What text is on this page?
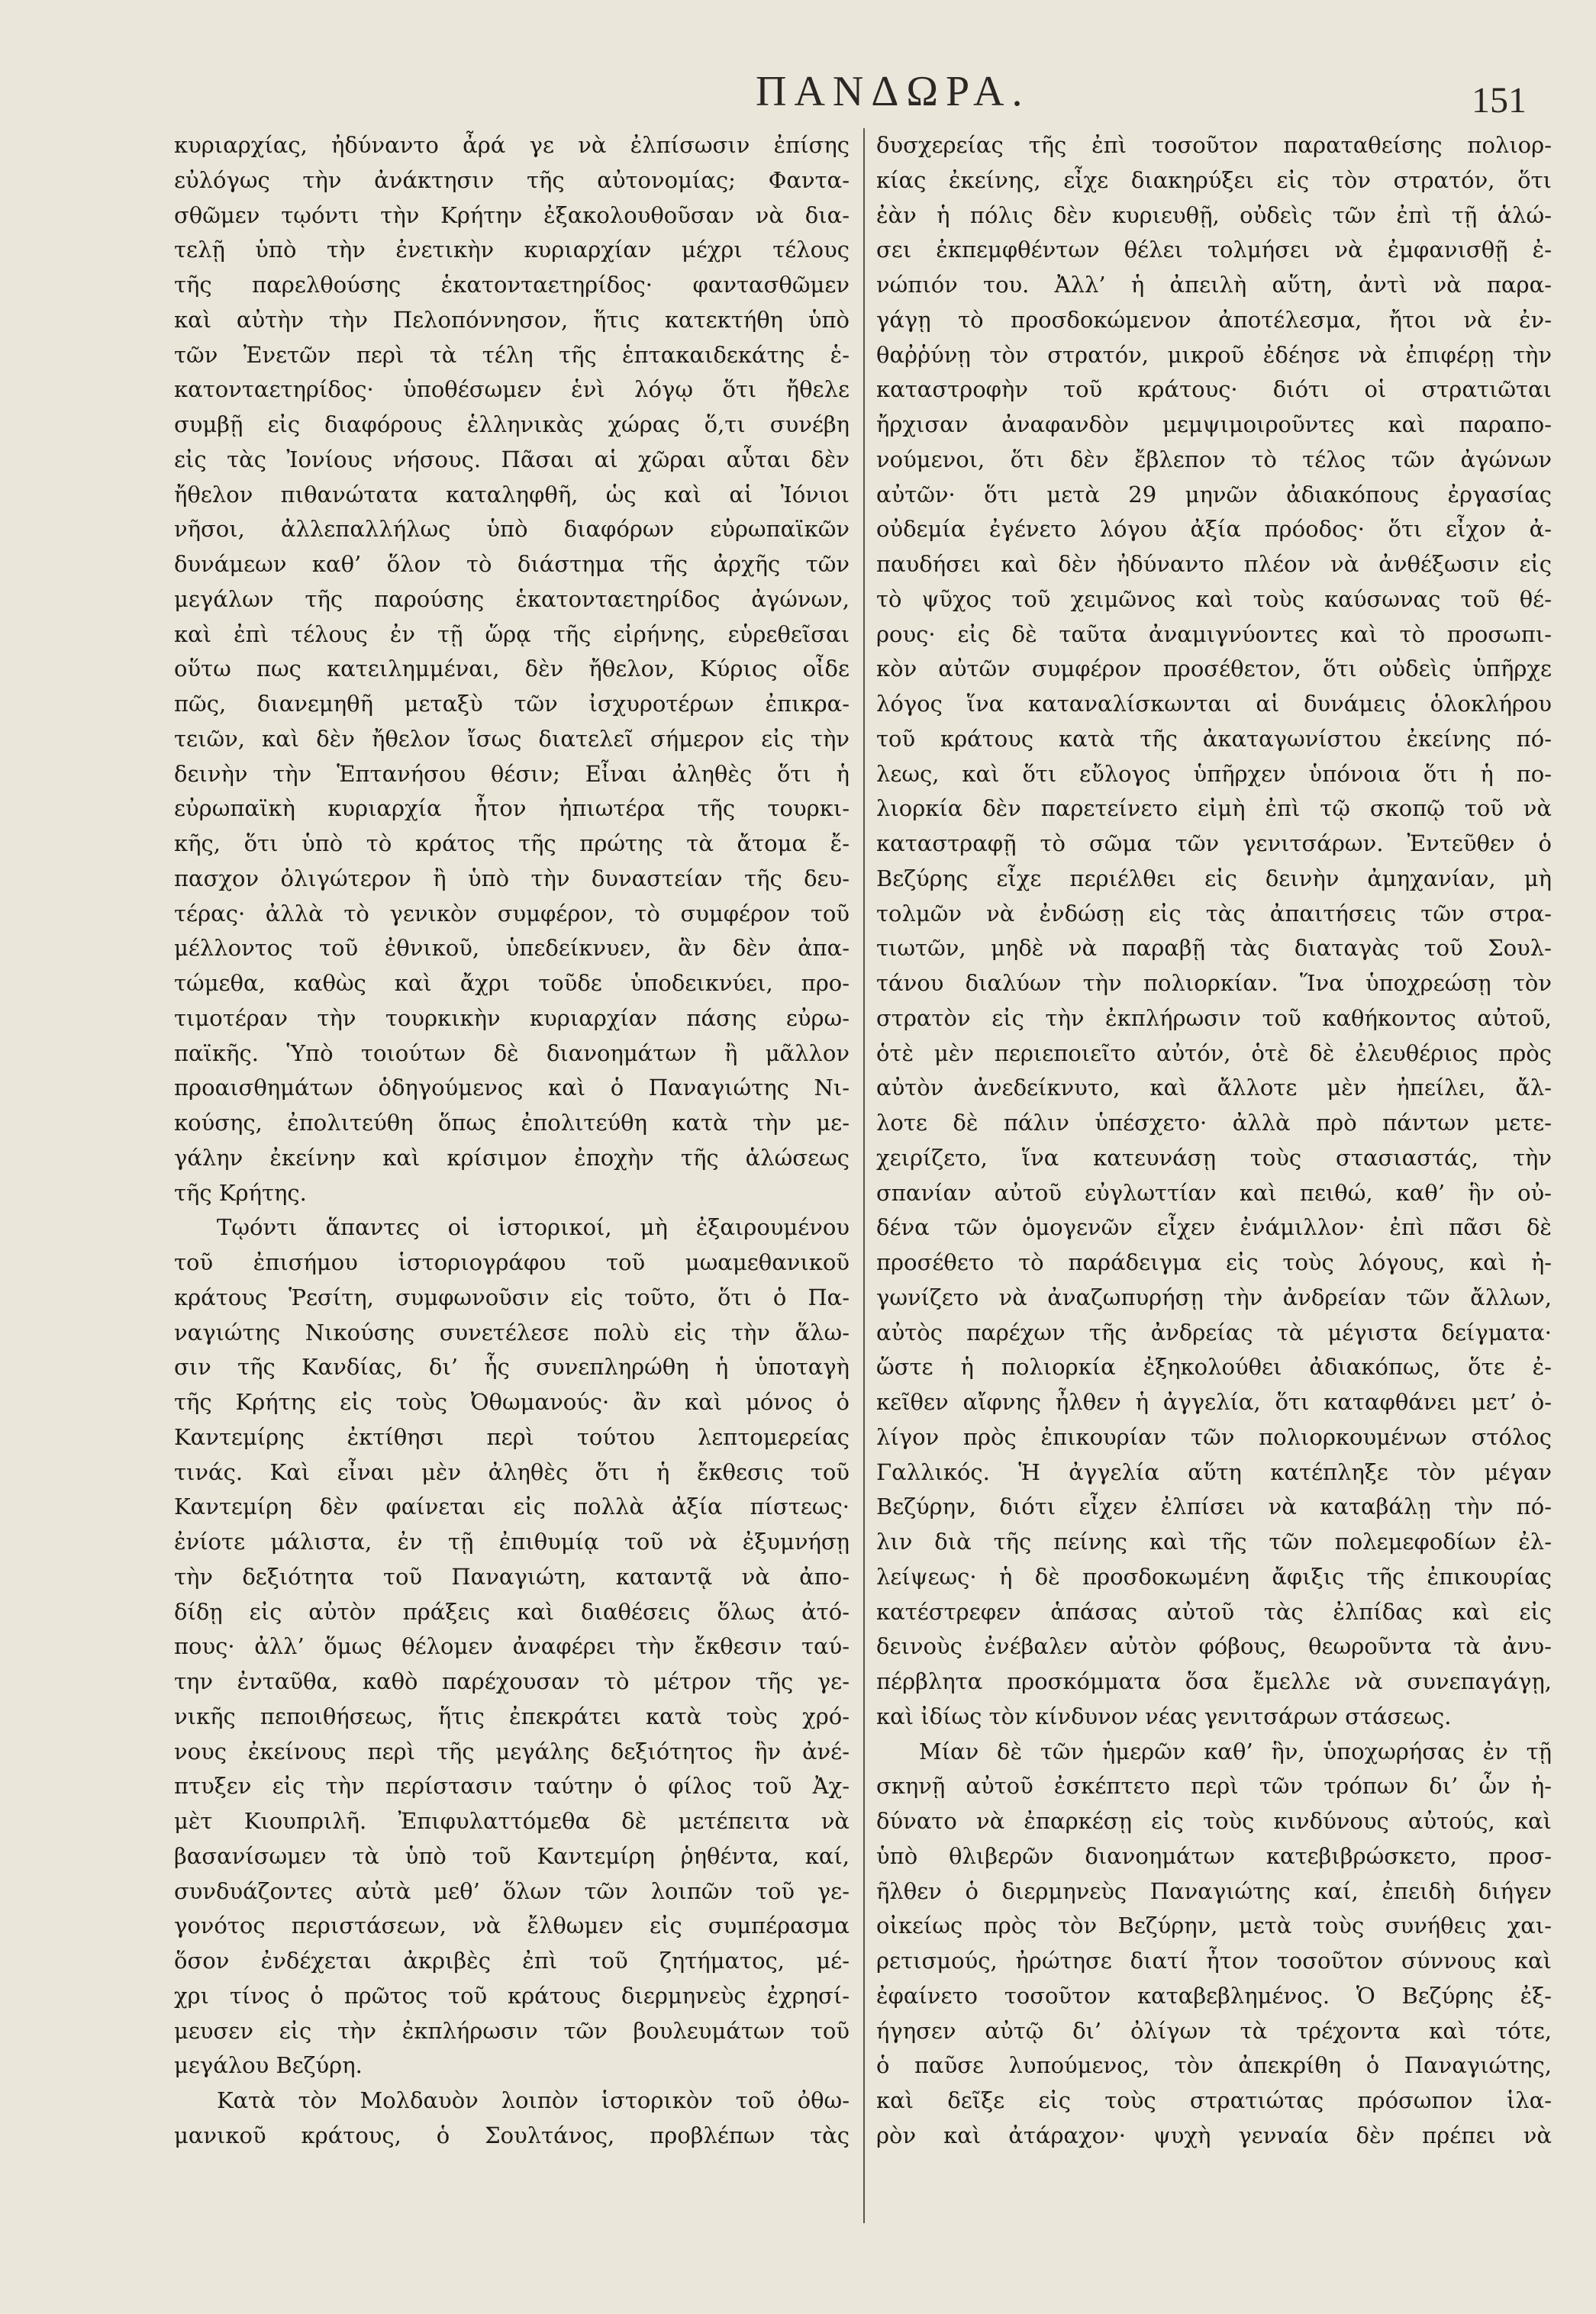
ΠΑΝΔΩΡΑ.	151
κυριαρχίας, ἠδύναντο ἆρά γε νὰ ἐλπίσωσιν ἐπίσης
εὐλόγως τὴν ἀνάκτησιν τῆς αὐτονομίας; Φαντα-
σθῶμεν τῳόντι τὴν Κρήτην ἐξακολουθοῦσαν νὰ δια-
τελῇ ὑπὸ τὴν ἐνετικὴν κυριαρχίαν μέχρι τέλους
τῆς παρελθούσης ἑκατονταετηρίδος· φαντασθῶμεν
καὶ αὐτὴν τὴν Πελοπόννησον, ἥτις κατεκτήθη ὑπὸ
τῶν Ἐνετῶν περὶ τὰ τέλη τῆς ἑπτακαιδεκάτης ἑ-
κατονταετηρίδος· ὑποθέσωμεν ἑνὶ λόγῳ ὅτι ἤθελε
συμβῇ εἰς διαφόρους ἑλληνικὰς χώρας ὅ,τι συνέβη
εἰς τὰς Ἰονίους νήσους. Πᾶσαι αἱ χῶραι αὗται δὲν
ἤθελον πιθανώτατα καταληφθῆ, ὡς καὶ αἱ Ἰόνιοι
νῆσοι, ἀλλεπαλλήλως ὑπὸ διαφόρων εὐρωπαϊκῶν
δυνάμεων καθ’ ὅλον τὸ διάστημα τῆς ἀρχῆς τῶν
μεγάλων τῆς παρούσης ἑκατονταετηρίδος ἀγώνων,
καὶ ἐπὶ τέλους ἐν τῇ ὥρᾳ τῆς εἰρήνης, εὑρεθεῖσαι
οὕτω πως κατειλημμέναι, δὲν ἤθελον, Κύριος οἶδε
πῶς, διανεμηθῆ μεταξὺ τῶν ἰσχυροτέρων ἐπικρα-
τειῶν, καὶ δὲν ἤθελον ἴσως διατελεῖ σήμερον εἰς τὴν
δεινὴν τὴν Ἑπτανήσου θέσιν; Εἶναι ἀληθὲς ὅτι ἡ
εὐρωπαϊκὴ κυριαρχία ἦτον ἠπιωτέρα τῆς τουρκι-
κῆς, ὅτι ὑπὸ τὸ κράτος τῆς πρώτης τὰ ἄτομα ἔ-
πασχον ὀλιγώτερον ἢ ὑπὸ τὴν δυναστείαν τῆς δευ-
τέρας· ἀλλὰ τὸ γενικὸν συμφέρον, τὸ συμφέρον τοῦ
μέλλοντος τοῦ ἐθνικοῦ, ὑπεδείκνυεν, ἂν δὲν ἀπα-
τώμεθα, καθὼς καὶ ἄχρι τοῦδε ὑποδεικνύει, προ-
τιμοτέραν τὴν τουρκικὴν κυριαρχίαν πάσης εὐρω-
παϊκῆς. Ὑπὸ τοιούτων δὲ διανοημάτων ἢ μᾶλλον
προαισθημάτων ὁδηγούμενος καὶ ὁ Παναγιώτης Νι-
κούσης, ἐπολιτεύθη ὅπως ἐπολιτεύθη κατὰ τὴν με-
γάλην ἐκείνην καὶ κρίσιμον ἐποχὴν τῆς ἁλώσεως
τῆς Κρήτης.
Τῳόντι ἅπαντες οἱ ἱστορικοί, μὴ ἐξαιρουμένου
τοῦ ἐπισήμου ἱστοριογράφου τοῦ μωαμεθανικοῦ
κράτους Ῥεσίτη, συμφωνοῦσιν εἰς τοῦτο, ὅτι ὁ Πα-
ναγιώτης Νικούσης συνετέλεσε πολὺ εἰς τὴν ἅλω-
σιν τῆς Κανδίας, δι’ ἧς συνεπληρώθη ἡ ὑποταγὴ
τῆς Κρήτης εἰς τοὺς Ὀθωμανούς· ἂν καὶ μόνος ὁ
Καντεμίρης ἐκτίθησι περὶ τούτου λεπτομερείας
τινάς. Καὶ εἶναι μὲν ἀληθὲς ὅτι ἡ ἔκθεσις τοῦ
Καντεμίρη δὲν φαίνεται εἰς πολλὰ ἀξία πίστεως·
ἐνίοτε μάλιστα, ἐν τῇ ἐπιθυμίᾳ τοῦ νὰ ἐξυμνήσῃ
τὴν δεξιότητα τοῦ Παναγιώτη, καταντᾷ νὰ ἀπο-
δίδῃ εἰς αὐτὸν πράξεις καὶ διαθέσεις ὅλως ἀτό-
πους· ἀλλ’ ὅμως θέλομεν ἀναφέρει τὴν ἔκθεσιν ταύ-
την ἐνταῦθα, καθὸ παρέχουσαν τὸ μέτρον τῆς γε-
νικῆς πεποιθήσεως, ἥτις ἐπεκράτει κατὰ τοὺς χρό-
νους ἐκείνους περὶ τῆς μεγάλης δεξιότητος ἣν ἀνέ-
πτυξεν εἰς τὴν περίστασιν ταύτην ὁ φίλος τοῦ Ἀχ-
μὲτ Κιουπριλῆ. Ἐπιφυλαττόμεθα δὲ μετέπειτα νὰ
βασανίσωμεν τὰ ὑπὸ τοῦ Καντεμίρη ῥηθέντα, καί,
συνδυάζοντες αὐτὰ μεθ’ ὅλων τῶν λοιπῶν τοῦ γε-
γονότος περιστάσεων, νὰ ἔλθωμεν εἰς συμπέρασμα
ὅσον ἐνδέχεται ἀκριβὲς ἐπὶ τοῦ ζητήματος, μέ-
χρι τίνος ὁ πρῶτος τοῦ κράτους διερμηνεὺς ἐχρησί-
μευσεν εἰς τὴν ἐκπλήρωσιν τῶν βουλευμάτων τοῦ
μεγάλου Βεζύρη.
Κατὰ τὸν Μολδαυὸν λοιπὸν ἱστορικὸν τοῦ ὀθω-
μανικοῦ κράτους, ὁ Σουλτάνος, προβλέπων τὰς
δυσχερείας τῆς ἐπὶ τοσοῦτον παραταθείσης πολιορ-
κίας ἐκείνης, εἶχε διακηρύξει εἰς τὸν στρατόν, ὅτι
ἐὰν ἡ πόλις δὲν κυριευθῇ, οὐδεὶς τῶν ἐπὶ τῇ ἁλώ-
σει ἐκπεμφθέντων θέλει τολμήσει νὰ ἐμφανισθῇ ἐ-
νώπιόν του. Ἀλλ’ ἡ ἀπειλὴ αὕτη, ἀντὶ νὰ παρα-
γάγῃ τὸ προσδοκώμενον ἀποτέλεσμα, ἤτοι νὰ ἐν-
θαῤῥύνῃ τὸν στρατόν, μικροῦ ἐδέησε νὰ ἐπιφέρῃ τὴν
καταστροφὴν τοῦ κράτους· διότι οἱ στρατιῶται
ἤρχισαν ἀναφανδὸν μεμψιμοιροῦντες καὶ παραπο-
νούμενοι, ὅτι δὲν ἔβλεπον τὸ τέλος τῶν ἀγώνων
αὐτῶν· ὅτι μετὰ 29 μηνῶν ἀδιακόπους ἐργασίας
οὐδεμία ἐγένετο λόγου ἀξία πρόοδος· ὅτι εἶχον ἀ-
παυδήσει καὶ δὲν ἠδύναντο πλέον νὰ ἀνθέξωσιν εἰς
τὸ ψῦχος τοῦ χειμῶνος καὶ τοὺς καύσωνας τοῦ θέ-
ρους· εἰς δὲ ταῦτα ἀναμιγνύοντες καὶ τὸ προσωπι-
κὸν αὐτῶν συμφέρον προσέθετον, ὅτι οὐδεὶς ὑπῆρχε
λόγος ἵνα καταναλίσκωνται αἱ δυνάμεις ὁλοκλήρου
τοῦ κράτους κατὰ τῆς ἀκαταγωνίστου ἐκείνης πό-
λεως, καὶ ὅτι εὔλογος ὑπῆρχεν ὑπόνοια ὅτι ἡ πο-
λιορκία δὲν παρετείνετο εἰμὴ ἐπὶ τῷ σκοπῷ τοῦ νὰ
καταστραφῇ τὸ σῶμα τῶν γενιτσάρων. Ἐντεῦθεν ὁ
Βεζύρης εἶχε περιέλθει εἰς δεινὴν ἀμηχανίαν, μὴ
τολμῶν νὰ ἐνδώσῃ εἰς τὰς ἀπαιτήσεις τῶν στρα-
τιωτῶν, μηδὲ νὰ παραβῇ τὰς διαταγὰς τοῦ Σουλ-
τάνου διαλύων τὴν πολιορκίαν. Ἵνα ὑποχρεώσῃ τὸν
στρατὸν εἰς τὴν ἐκπλήρωσιν τοῦ καθήκοντος αὐτοῦ,
ὁτὲ μὲν περιεποιεῖτο αὐτόν, ὁτὲ δὲ ἐλευθέριος πρὸς
αὐτὸν ἀνεδείκνυτο, καὶ ἄλλοτε μὲν ἠπείλει, ἄλ-
λοτε δὲ πάλιν ὑπέσχετο· ἀλλὰ πρὸ πάντων μετε-
χειρίζετο, ἵνα κατευνάσῃ τοὺς στασιαστάς, τὴν
σπανίαν αὐτοῦ εὐγλωττίαν καὶ πειθώ, καθ’ ἣν οὐ-
δένα τῶν ὁμογενῶν εἶχεν ἐνάμιλλον· ἐπὶ πᾶσι δὲ
προσέθετο τὸ παράδειγμα εἰς τοὺς λόγους, καὶ ἠ-
γωνίζετο νὰ ἀναζωπυρήσῃ τὴν ἀνδρείαν τῶν ἄλλων,
αὐτὸς παρέχων τῆς ἀνδρείας τὰ μέγιστα δείγματα·
ὥστε ἡ πολιορκία ἐξηκολούθει ἀδιακόπως, ὅτε ἐ-
κεῖθεν αἴφνης ἦλθεν ἡ ἀγγελία, ὅτι καταφθάνει μετ’ ὀ-
λίγον πρὸς ἐπικουρίαν τῶν πολιορκουμένων στόλος
Γαλλικός. Ἡ ἀγγελία αὕτη κατέπληξε τὸν μέγαν
Βεζύρην, διότι εἶχεν ἐλπίσει νὰ καταβάλῃ τὴν πό-
λιν διὰ τῆς πείνης καὶ τῆς τῶν πολεμεφοδίων ἐλ-
λείψεως· ἡ δὲ προσδοκωμένη ἄφιξις τῆς ἐπικουρίας
κατέστρεφεν ἁπάσας αὐτοῦ τὰς ἐλπίδας καὶ εἰς
δεινοὺς ἐνέβαλεν αὐτὸν φόβους, θεωροῦντα τὰ ἀνυ-
πέρβλητα προσκόμματα ὅσα ἔμελλε νὰ συνεπαγάγῃ,
καὶ ἰδίως τὸν κίνδυνον νέας γενιτσάρων στάσεως.
Μίαν δὲ τῶν ἡμερῶν καθ’ ἣν, ὑποχωρήσας ἐν τῇ
σκηνῇ αὐτοῦ ἐσκέπτετο περὶ τῶν τρόπων δι’ ὧν ἠ-
δύνατο νὰ ἐπαρκέσῃ εἰς τοὺς κινδύνους αὐτούς, καὶ
ὑπὸ θλιβερῶν διανοημάτων κατεβιβρώσκετο, προσ-
ῆλθεν ὁ διερμηνεὺς Παναγιώτης καί, ἐπειδὴ διήγεν
οἰκείως πρὸς τὸν Βεζύρην, μετὰ τοὺς συνήθεις χαι-
ρετισμούς, ἠρώτησε διατί ἦτον τοσοῦτον σύννους καὶ
ἐφαίνετο τοσοῦτον καταβεβλημένος. Ὁ Βεζύρης ἐξ-
ήγησεν αὐτῷ δι’ ὀλίγων τὰ τρέχοντα καὶ τότε,
ὁ παῦσε λυπούμενος, τὸν ἀπεκρίθη ὁ Παναγιώτης,
καὶ δεῖξε εἰς τοὺς στρατιώτας πρόσωπον ἱλα-
ρὸν καὶ ἀτάραχον· ψυχὴ γενναία δὲν πρέπει νὰ
